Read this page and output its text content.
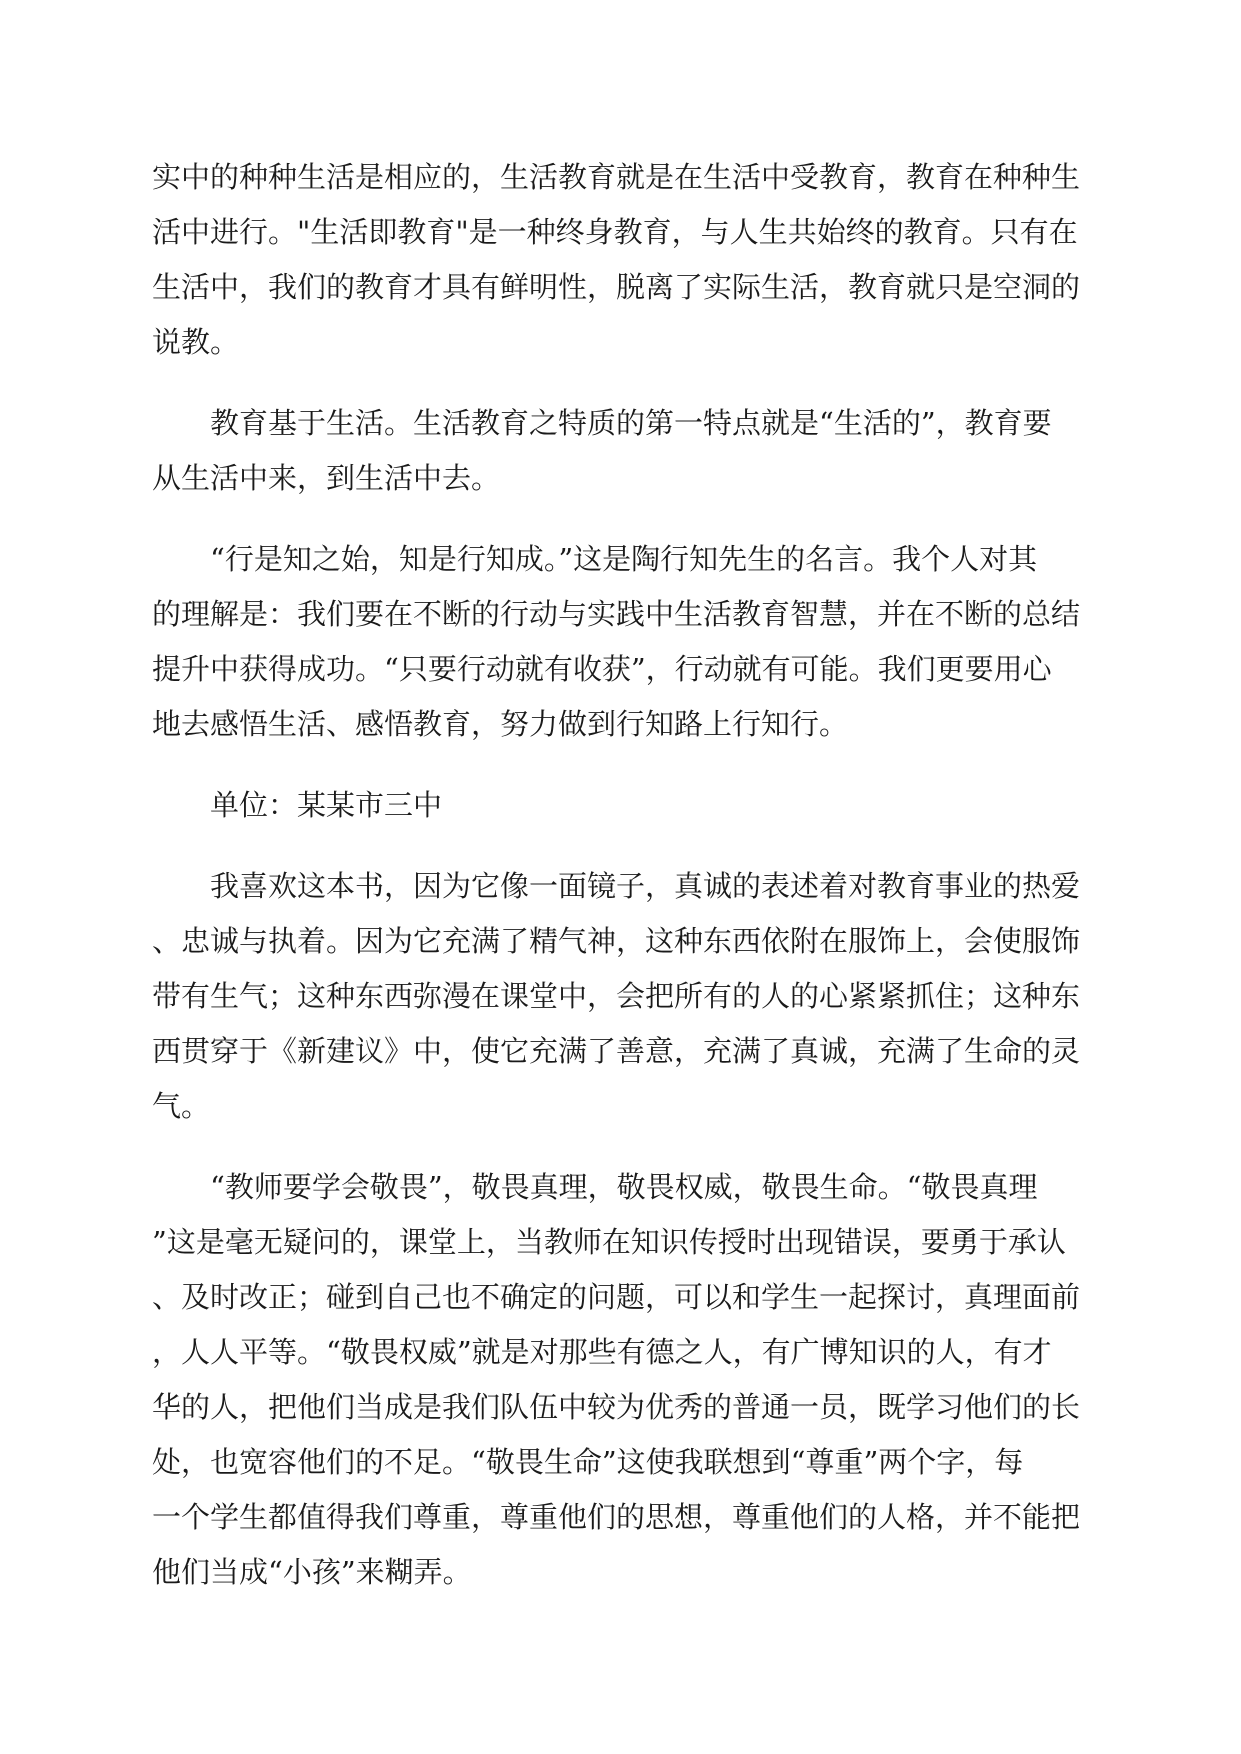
实中的种种生活是相应的，生活教育就是在生活中受教育，教育在种种生
活中进行。"生活即教育"是一种终身教育，与人生共始终的教育。只有在
生活中，我们的教育才具有鲜明性，脱离了实际生活，教育就只是空洞的
说教。

教育基于生活。生活教育之特质的第一特点就是“生活的”，教育要
从生活中来，到生活中去。

“行是知之始，知是行知成。”这是陶行知先生的名言。我个人对其
的理解是：我们要在不断的行动与实践中生活教育智慧，并在不断的总结
提升中获得成功。“只要行动就有收获”，行动就有可能。我们更要用心
地去感悟生活、感悟教育，努力做到行知路上行知行。

单位：某某市三中

我喜欢这本书，因为它像一面镜子，真诚的表述着对教育事业的热爱
、忠诚与执着。因为它充满了精气神，这种东西依附在服饰上，会使服饰
带有生气；这种东西弥漫在课堂中，会把所有的人的心紧紧抓住；这种东
西贯穿于《新建议》中，使它充满了善意，充满了真诚，充满了生命的灵
气。

“教师要学会敬畏”，敬畏真理，敬畏权威，敬畏生命。“敬畏真理
”这是毫无疑问的，课堂上，当教师在知识传授时出现错误，要勇于承认
、及时改正；碰到自己也不确定的问题，可以和学生一起探讨，真理面前
，人人平等。“敬畏权威”就是对那些有德之人，有广博知识的人，有才
华的人，把他们当成是我们队伍中较为优秀的普通一员，既学习他们的长
处，也宽容他们的不足。“敬畏生命”这使我联想到“尊重”两个字，每
一个学生都值得我们尊重，尊重他们的思想，尊重他们的人格，并不能把
他们当成“小孩”来糊弄。
